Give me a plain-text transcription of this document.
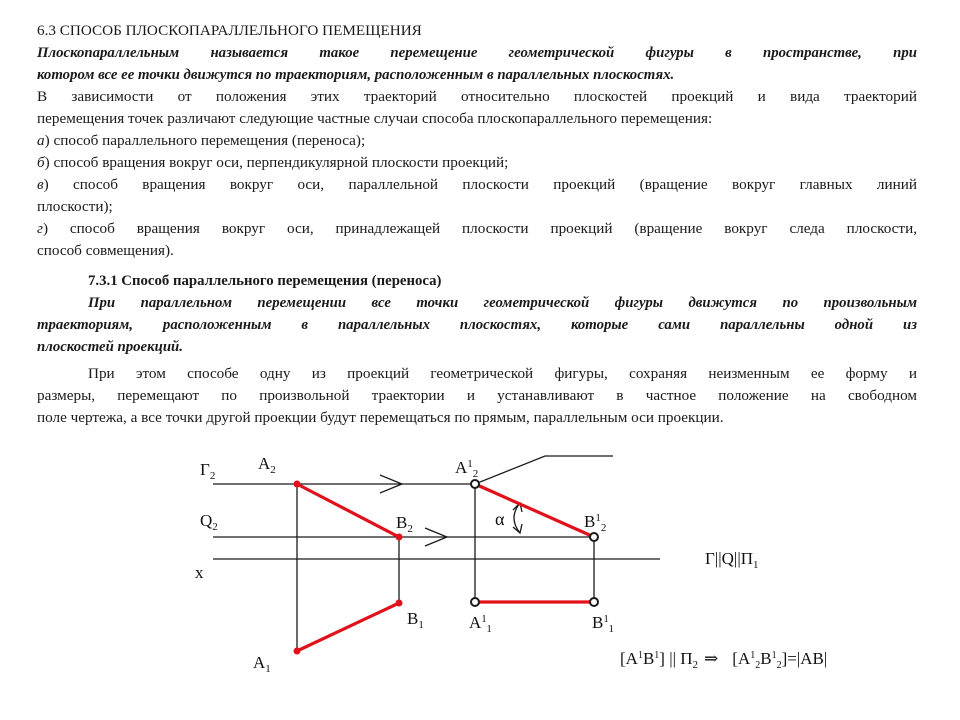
6.3 СПОСОБ ПЛОСКОПАРАЛЛЕЛЬНОГО ПЕМЕЩЕНИЯ
Плоскопараллельным называется такое перемещение геометрической фигуры в пространстве, при
котором все ее точки движутся по траекториям, расположенным в параллельных плоскостях.
В зависимости от положения этих траекторий относительно плоскостей проекций и вида траекторий
перемещения точек различают следующие частные случаи способа плоскопараллельного перемещения:
а) способ параллельного перемещения (переноса);
б) способ вращения вокруг оси, перпендикулярной плоскости проекций;
в) способ вращения вокруг оси, параллельной плоскости проекций (вращение вокруг главных линий
плоскости);
г) способ вращения вокруг оси, принадлежащей плоскости проекций (вращение вокруг следа плоскости,
способ совмещения).
7.3.1 Способ параллельного перемещения (переноса)
При параллельном перемещении все точки геометрической фигуры движутся по произвольным
траекториям, расположенным в параллельных плоскостях, которые сами параллельны одной из
плоскостей проекций.
При этом способе одну из проекций геометрической фигуры, сохраняя неизменным ее форму и
размеры, перемещают по произвольной траектории и устанавливают в частное положение на свободном
поле чертежа, а все точки другой проекции будут перемещаться по прямым, параллельным оси проекции.
$Г_2$
$A_2$
$Q_2$	$B_2$
x
$B_1$
$A_1$
$A^1_2$
$B^1_2$
$A^1_1$	$B^1_1$
α
$Г||Q||П_1$
$[A^1B^1]$ || $П_2$ ⇒ $[A^1_2B^1_2]=|AB|$
